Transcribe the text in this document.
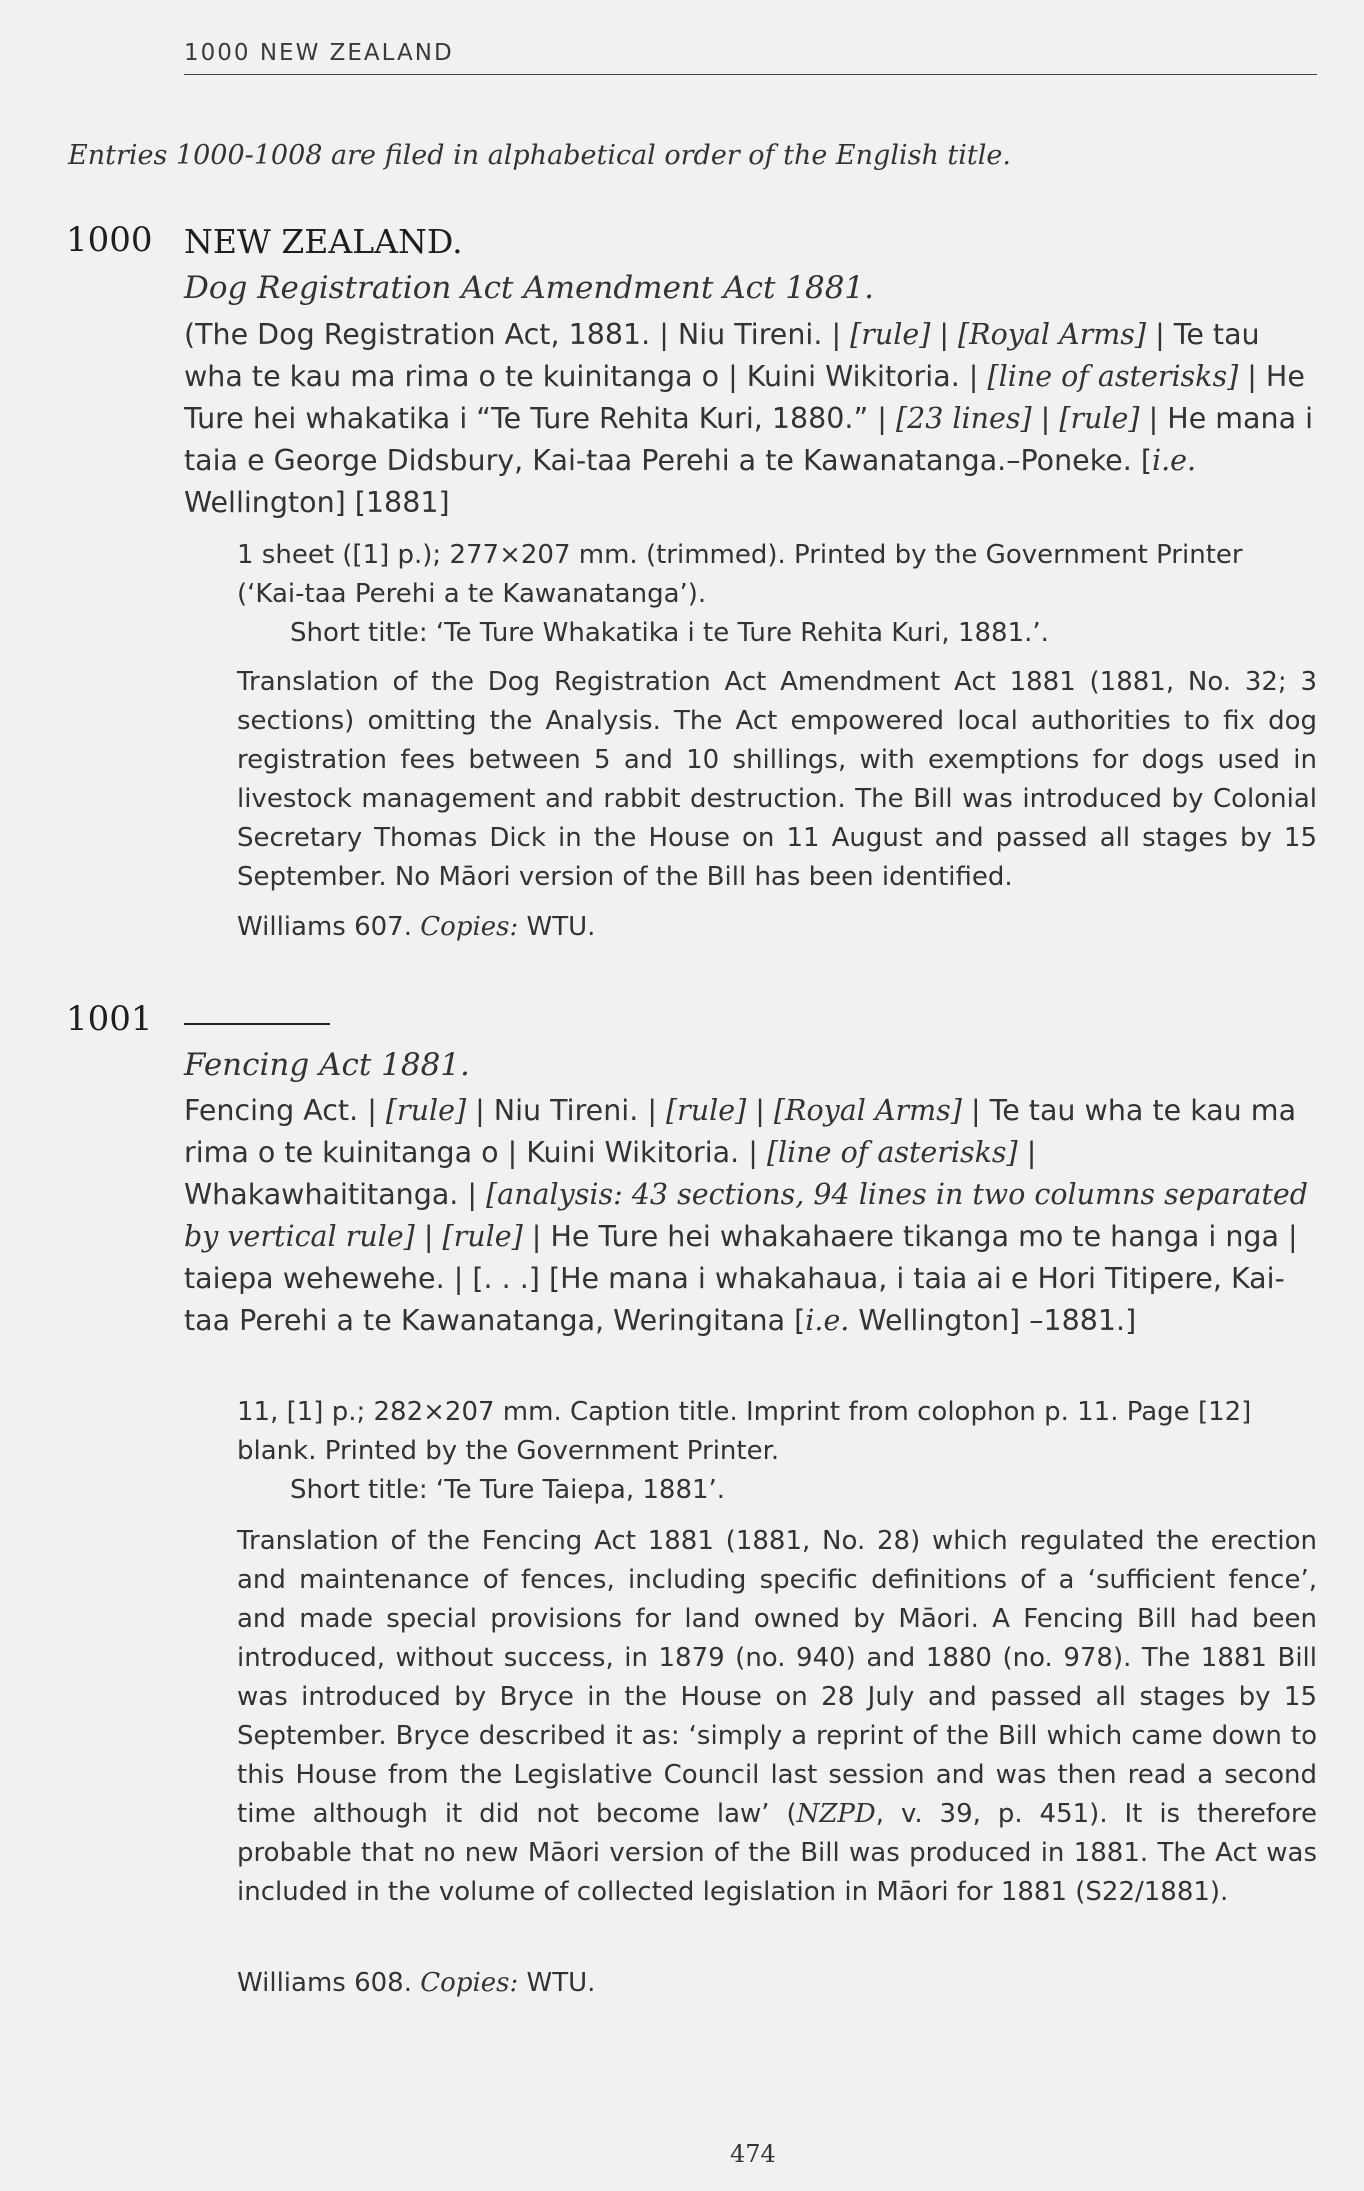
1000 NEW ZEALAND
Entries 1000-1008 are filed in alphabetical order of the English title.
1000 NEW ZEALAND.
Dog Registration Act Amendment Act 1881.
(The Dog Registration Act, 1881. | Niu Tireni. | [rule] | [Royal Arms] | Te tau wha te kau ma rima o te kuinitanga o | Kuini Wikitoria. | [line of asterisks] | He Ture hei whakatika i “Te Ture Rehita Kuri, 1880.” | [23 lines] | [rule] | He mana i taia e George Didsbury, Kai-taa Perehi a te Kawanatanga.–Poneke. [i.e. Wellington] [1881]
1 sheet ([1] p.); 277×207 mm. (trimmed). Printed by the Government Printer (‘Kai-taa Perehi a te Kawanatanga’).
Short title: ‘Te Ture Whakatika i te Ture Rehita Kuri, 1881.’.
Translation of the Dog Registration Act Amendment Act 1881 (1881, No. 32; 3 sections) omitting the Analysis. The Act empowered local authorities to fix dog registration fees between 5 and 10 shillings, with exemptions for dogs used in livestock management and rabbit destruction. The Bill was introduced by Colonial Secretary Thomas Dick in the House on 11 August and passed all stages by 15 September. No Māori version of the Bill has been identified.
Williams 607. Copies: WTU.
1001
Fencing Act 1881.
Fencing Act. | [rule] | Niu Tireni. | [rule] | [Royal Arms] | Te tau wha te kau ma rima o te kuinitanga o | Kuini Wikitoria. | [line of asterisks] | Whakawhaititanga. | [analysis: 43 sections, 94 lines in two columns separated by vertical rule] | [rule] | He Ture hei whakahaere tikanga mo te hanga i nga | taiepa wehewehe. | [. . .] [He mana i whakahaua, i taia ai e Hori Titipere, Kai-taa Perehi a te Kawanatanga, Weringitana [i.e. Wellington] –1881.]
11, [1] p.; 282×207 mm. Caption title. Imprint from colophon p. 11. Page [12] blank. Printed by the Government Printer.
Short title: ‘Te Ture Taiepa, 1881’.
Translation of the Fencing Act 1881 (1881, No. 28) which regulated the erection and maintenance of fences, including specific definitions of a ‘sufficient fence’, and made special provisions for land owned by Māori. A Fencing Bill had been introduced, without success, in 1879 (no. 940) and 1880 (no. 978). The 1881 Bill was introduced by Bryce in the House on 28 July and passed all stages by 15 September. Bryce described it as: ‘simply a reprint of the Bill which came down to this House from the Legislative Council last session and was then read a second time although it did not become law’ (NZPD, v. 39, p. 451). It is therefore probable that no new Māori version of the Bill was produced in 1881. The Act was included in the volume of collected legislation in Māori for 1881 (S22/1881).
Williams 608. Copies: WTU.
474
